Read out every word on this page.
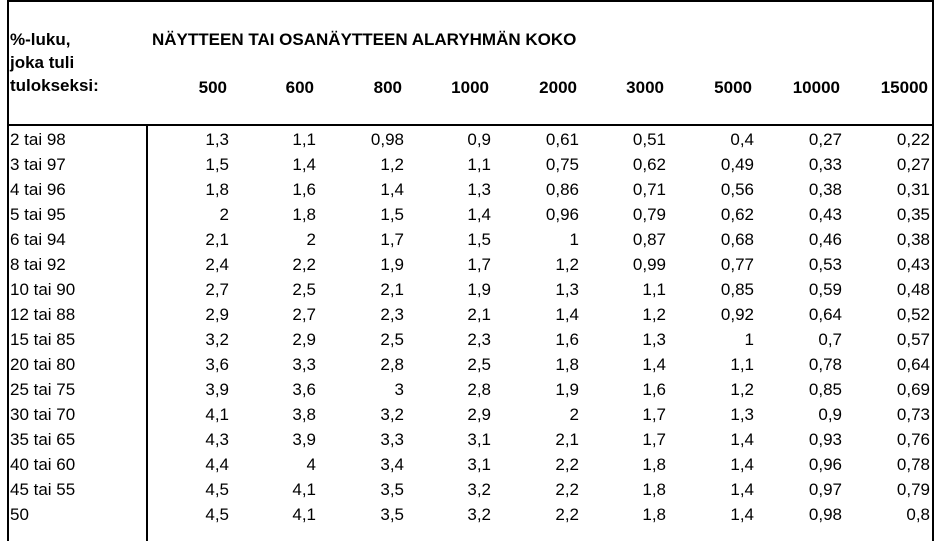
%-luku,
joka tuli
tulokseksi:
NÄYTTEEN TAI OSANÄYTTEEN ALARYHMÄN KOKO
500	600	800	1000	2000	3000	5000	10000	15000
2 tai 98	1,3	1,1	0,98	0,9	0,61	0,51	0,4	0,27	0,22
3 tai 97	1,5	1,4	1,2	1,1	0,75	0,62	0,49	0,33	0,27
4 tai 96	1,8	1,6	1,4	1,3	0,86	0,71	0,56	0,38	0,31
5 tai 95	2	1,8	1,5	1,4	0,96	0,79	0,62	0,43	0,35
6 tai 94	2,1	2	1,7	1,5	1	0,87	0,68	0,46	0,38
8 tai 92	2,4	2,2	1,9	1,7	1,2	0,99	0,77	0,53	0,43
10 tai 90	2,7	2,5	2,1	1,9	1,3	1,1	0,85	0,59	0,48
12 tai 88	2,9	2,7	2,3	2,1	1,4	1,2	0,92	0,64	0,52
15 tai 85	3,2	2,9	2,5	2,3	1,6	1,3	1	0,7	0,57
20 tai 80	3,6	3,3	2,8	2,5	1,8	1,4	1,1	0,78	0,64
25 tai 75	3,9	3,6	3	2,8	1,9	1,6	1,2	0,85	0,69
30 tai 70	4,1	3,8	3,2	2,9	2	1,7	1,3	0,9	0,73
35 tai 65	4,3	3,9	3,3	3,1	2,1	1,7	1,4	0,93	0,76
40 tai 60	4,4	4	3,4	3,1	2,2	1,8	1,4	0,96	0,78
45 tai 55	4,5	4,1	3,5	3,2	2,2	1,8	1,4	0,97	0,79
50	4,5	4,1	3,5	3,2	2,2	1,8	1,4	0,98	0,8
